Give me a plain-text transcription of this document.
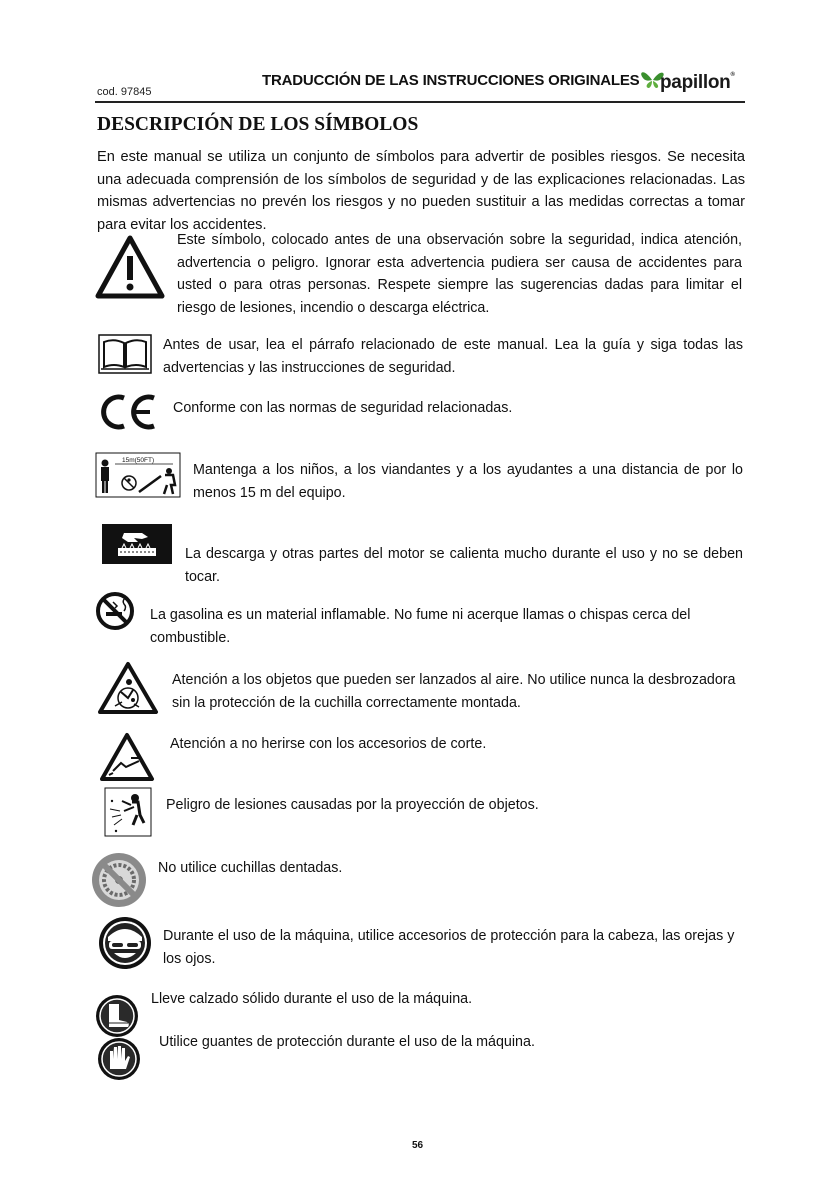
cod. 97845
TRADUCCIÓN DE LAS INSTRUCCIONES ORIGINALES papillon®
DESCRIPCIÓN DE LOS SÍMBOLOS
En este manual se utiliza un conjunto de símbolos para advertir de posibles riesgos. Se necesita una adecuada comprensión de los símbolos de seguridad y de las explicaciones relacionadas. Las mismas advertencias no prevén los riesgos y no pueden sustituir a las medidas correctas a tomar para evitar los accidentes.
Este símbolo, colocado antes de una observación sobre la seguridad, indica atención, advertencia o peligro. Ignorar esta advertencia pudiera ser causa de accidentes para usted o para otras personas. Respete siempre las sugerencias dadas para limitar el riesgo de lesiones, incendio o descarga eléctrica.
Antes de usar, lea el párrafo relacionado de este manual. Lea la guía y siga todas las advertencias y las instrucciones de seguridad.
Conforme con las normas de seguridad relacionadas.
15m(50FT)
Mantenga a los niños, a los viandantes y a los ayudantes a una distancia de por lo menos 15 m del equipo.
La descarga y otras partes del motor se calienta mucho durante el uso y no se deben tocar.
La gasolina es un material inflamable. No fume ni acerque llamas o chispas cerca del combustible.
Atención a los objetos que pueden ser lanzados al aire. No utilice nunca la desbrozadora sin la protección de la cuchilla correctamente montada.
Atención a no herirse con los accesorios de corte.
Peligro de lesiones causadas por la proyección de objetos.
No utilice cuchillas dentadas.
Durante el uso de la máquina, utilice accesorios de protección para la cabeza, las orejas y los ojos.
Lleve calzado sólido durante el uso de la máquina.
Utilice guantes de protección durante el uso de la máquina.
56
